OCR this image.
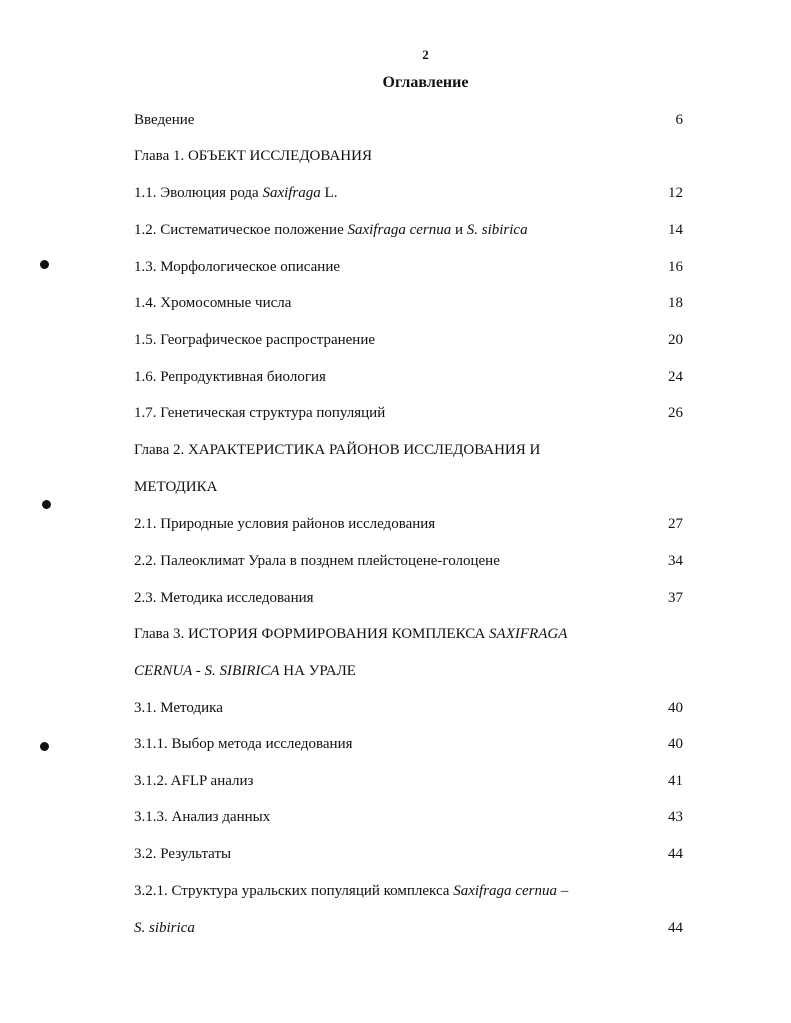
2
Оглавление
Введение	6
Глава 1. ОБЪЕКТ ИССЛЕДОВАНИЯ
1.1. Эволюция рода Saxifraga L.	12
1.2. Систематическое положение Saxifraga cernua и S. sibirica	14
1.3. Морфологическое описание	16
1.4. Хромосомные числа	18
1.5. Географическое распространение	20
1.6. Репродуктивная биология	24
1.7. Генетическая структура популяций	26
Глава 2. ХАРАКТЕРИСТИКА РАЙОНОВ ИССЛЕДОВАНИЯ И
МЕТОДИКА
2.1. Природные условия районов исследования	27
2.2. Палеоклимат Урала в позднем плейстоцене-голоцене	34
2.3. Методика исследования	37
Глава 3. ИСТОРИЯ ФОРМИРОВАНИЯ КОМПЛЕКСА SAXIFRAGA
CERNUA - S. SIBIRICA НА УРАЛЕ
3.1. Методика	40
3.1.1. Выбор метода исследования	40
3.1.2. AFLP анализ	41
3.1.3. Анализ данных	43
3.2. Результаты	44
3.2.1. Структура уральских популяций комплекса Saxifraga cernua –
S. sibirica	44
